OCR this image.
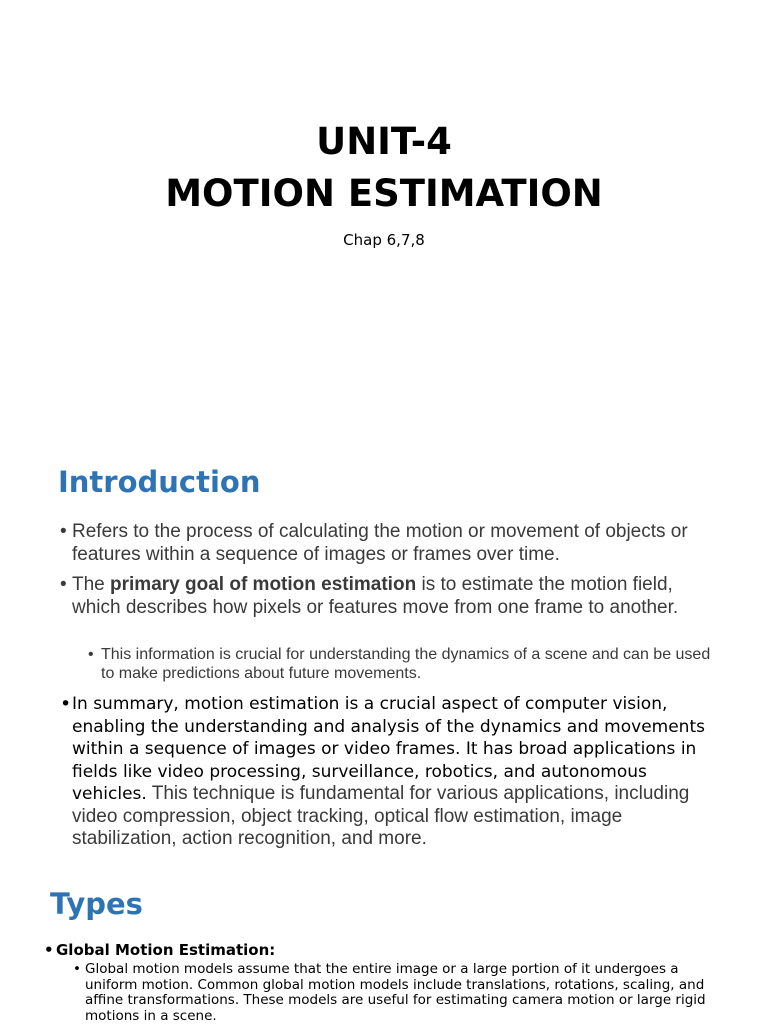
UNIT-4
MOTION ESTIMATION
Chap 6,7,8
Introduction
• Refers to the process of calculating the motion or movement of objects or features within a sequence of images or frames over time.
• The primary goal of motion estimation is to estimate the motion field, which describes how pixels or features move from one frame to another.
• This information is crucial for understanding the dynamics of a scene and can be used to make predictions about future movements.
• In summary, motion estimation is a crucial aspect of computer vision, enabling the understanding and analysis of the dynamics and movements within a sequence of images or video frames. It has broad applications in fields like video processing, surveillance, robotics, and autonomous vehicles. This technique is fundamental for various applications, including video compression, object tracking, optical flow estimation, image stabilization, action recognition, and more.
Types
• Global Motion Estimation:
• Global motion models assume that the entire image or a large portion of it undergoes a uniform motion. Common global motion models include translations, rotations, scaling, and affine transformations. These models are useful for estimating camera motion or large rigid motions in a scene.
